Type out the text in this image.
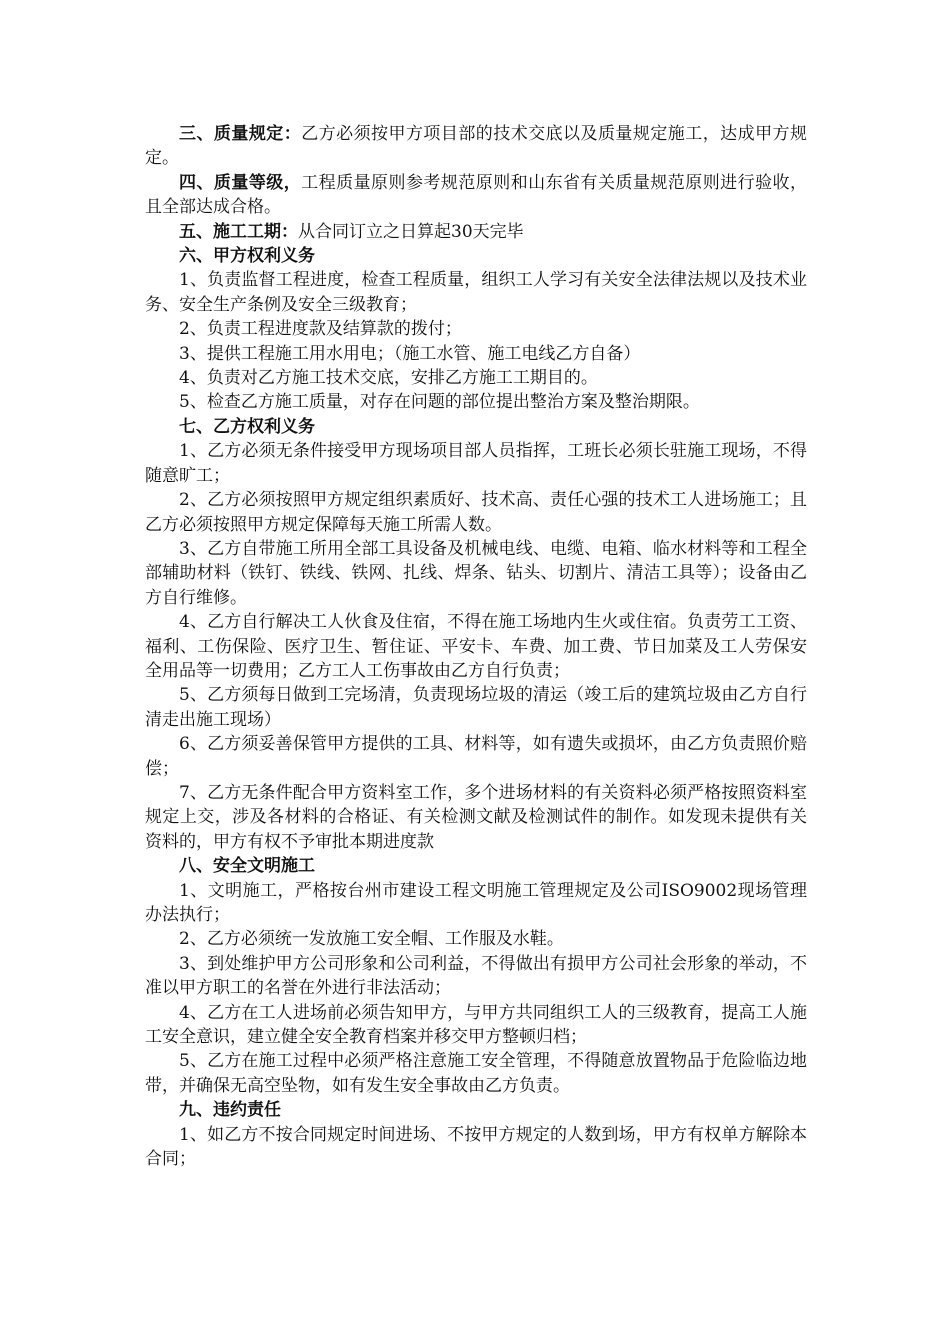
三、质量规定：乙方必须按甲方项目部的技术交底以及质量规定施工，达成甲方规定。

四、质量等级，工程质量原则参考规范原则和山东省有关质量规范原则进行验收，且全部达成合格。

五、施工工期：从合同订立之日算起30天完毕

六、甲方权利义务

1、负责监督工程进度，检查工程质量，组织工人学习有关安全法律法规以及技术业务、安全生产条例及安全三级教育；

2、负责工程进度款及结算款的拨付；

3、提供工程施工用水用电；（施工水管、施工电线乙方自备）

4、负责对乙方施工技术交底，安排乙方施工工期目的。

5、检查乙方施工质量，对存在问题的部位提出整治方案及整治期限。

七、乙方权利义务

1、乙方必须无条件接受甲方现场项目部人员指挥，工班长必须长驻施工现场，不得随意旷工；

2、乙方必须按照甲方规定组织素质好、技术高、责任心强的技术工人进场施工；且乙方必须按照甲方规定保障每天施工所需人数。

3、乙方自带施工所用全部工具设备及机械电线、电缆、电箱、临水材料等和工程全部辅助材料（铁钉、铁线、铁网、扎线、焊条、钻头、切割片、清洁工具等）；设备由乙方自行维修。

4、乙方自行解决工人伙食及住宿，不得在施工场地内生火或住宿。负责劳工工资、福利、工伤保险、医疗卫生、暂住证、平安卡、车费、加工费、节日加菜及工人劳保安全用品等一切费用；乙方工人工伤事故由乙方自行负责；

5、乙方须每日做到工完场清，负责现场垃圾的清运（竣工后的建筑垃圾由乙方自行清走出施工现场）

6、乙方须妥善保管甲方提供的工具、材料等，如有遗失或损坏，由乙方负责照价赔偿；

7、乙方无条件配合甲方资料室工作，多个进场材料的有关资料必须严格按照资料室规定上交，涉及各材料的合格证、有关检测文献及检测试件的制作。如发现未提供有关资料的，甲方有权不予审批本期进度款

八、安全文明施工

1、文明施工，严格按台州市建设工程文明施工管理规定及公司ISO9002现场管理办法执行；

2、乙方必须统一发放施工安全帽、工作服及水鞋。

3、到处维护甲方公司形象和公司利益，不得做出有损甲方公司社会形象的举动，不准以甲方职工的名誉在外进行非法活动；

4、乙方在工人进场前必须告知甲方，与甲方共同组织工人的三级教育，提高工人施工安全意识，建立健全安全教育档案并移交甲方整顿归档；

5、乙方在施工过程中必须严格注意施工安全管理，不得随意放置物品于危险临边地带，并确保无高空坠物，如有发生安全事故由乙方负责。

九、违约责任

1、如乙方不按合同规定时间进场、不按甲方规定的人数到场，甲方有权单方解除本合同；
